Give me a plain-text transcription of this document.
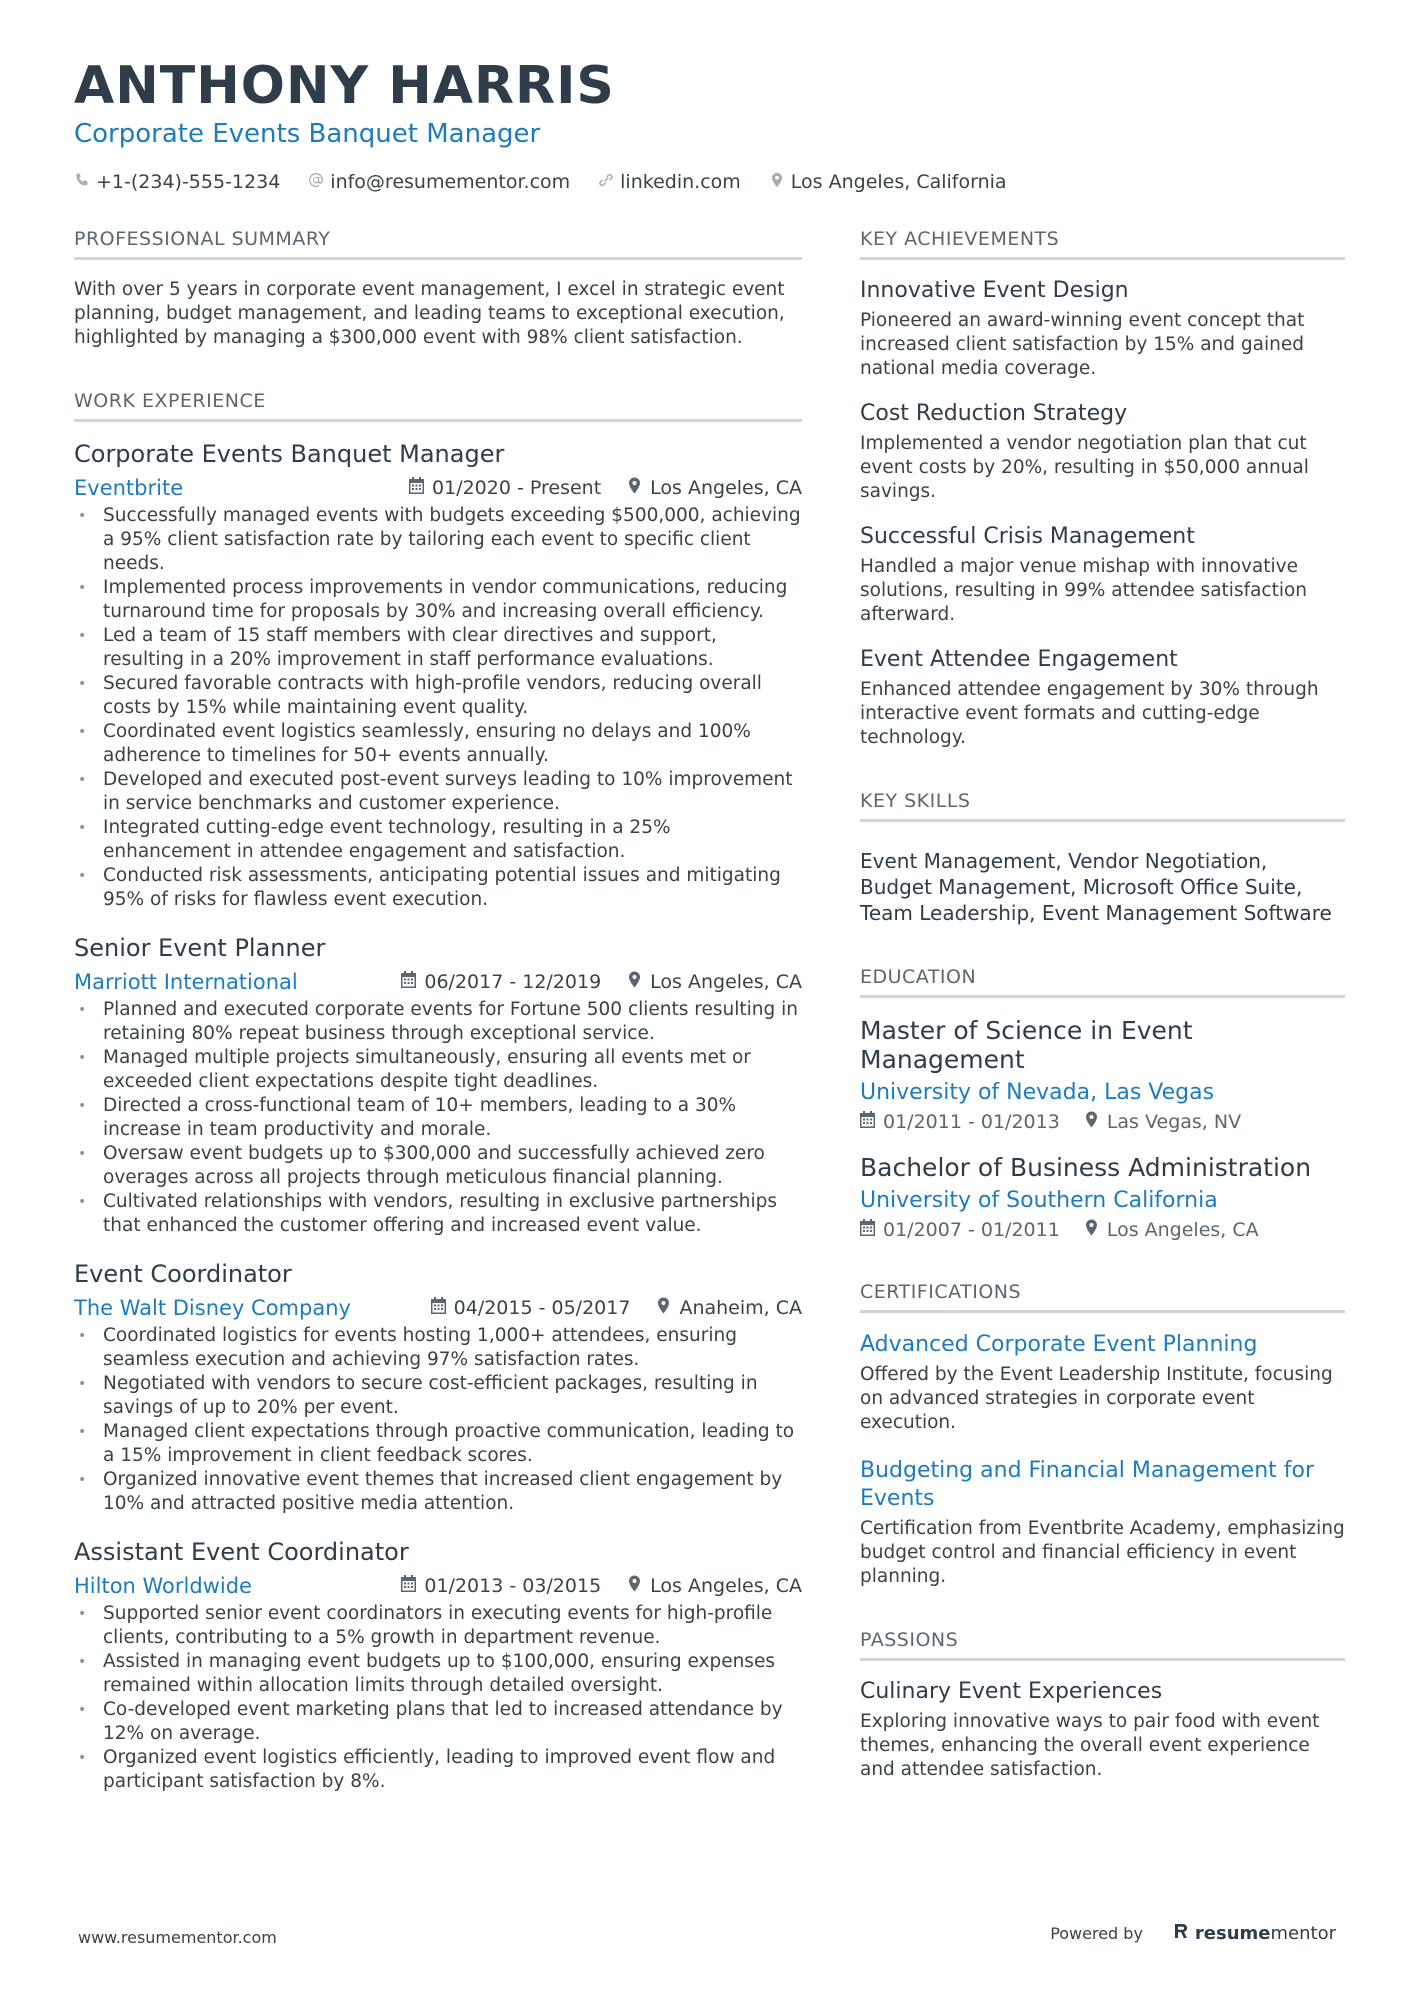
ANTHONY HARRIS
Corporate Events Banquet Manager
+1-(234)-555-1234	info@resumementor.com	linkedin.com	Los Angeles, California
PROFESSIONAL SUMMARY
With over 5 years in corporate event management, I excel in strategic event planning, budget management, and leading teams to exceptional execution, highlighted by managing a $300,000 event with 98% client satisfaction.
WORK EXPERIENCE
Corporate Events Banquet Manager
Eventbrite	01/2020 - Present	Los Angeles, CA
• Successfully managed events with budgets exceeding $500,000, achieving a 95% client satisfaction rate by tailoring each event to specific client needs.
• Implemented process improvements in vendor communications, reducing turnaround time for proposals by 30% and increasing overall efficiency.
• Led a team of 15 staff members with clear directives and support, resulting in a 20% improvement in staff performance evaluations.
• Secured favorable contracts with high-profile vendors, reducing overall costs by 15% while maintaining event quality.
• Coordinated event logistics seamlessly, ensuring no delays and 100% adherence to timelines for 50+ events annually.
• Developed and executed post-event surveys leading to 10% improvement in service benchmarks and customer experience.
• Integrated cutting-edge event technology, resulting in a 25% enhancement in attendee engagement and satisfaction.
• Conducted risk assessments, anticipating potential issues and mitigating 95% of risks for flawless event execution.
Senior Event Planner
Marriott International	06/2017 - 12/2019	Los Angeles, CA
• Planned and executed corporate events for Fortune 500 clients resulting in retaining 80% repeat business through exceptional service.
• Managed multiple projects simultaneously, ensuring all events met or exceeded client expectations despite tight deadlines.
• Directed a cross-functional team of 10+ members, leading to a 30% increase in team productivity and morale.
• Oversaw event budgets up to $300,000 and successfully achieved zero overages across all projects through meticulous financial planning.
• Cultivated relationships with vendors, resulting in exclusive partnerships that enhanced the customer offering and increased event value.
Event Coordinator
The Walt Disney Company	04/2015 - 05/2017	Anaheim, CA
• Coordinated logistics for events hosting 1,000+ attendees, ensuring seamless execution and achieving 97% satisfaction rates.
• Negotiated with vendors to secure cost-efficient packages, resulting in savings of up to 20% per event.
• Managed client expectations through proactive communication, leading to a 15% improvement in client feedback scores.
• Organized innovative event themes that increased client engagement by 10% and attracted positive media attention.
Assistant Event Coordinator
Hilton Worldwide	01/2013 - 03/2015	Los Angeles, CA
• Supported senior event coordinators in executing events for high-profile clients, contributing to a 5% growth in department revenue.
• Assisted in managing event budgets up to $100,000, ensuring expenses remained within allocation limits through detailed oversight.
• Co-developed event marketing plans that led to increased attendance by 12% on average.
• Organized event logistics efficiently, leading to improved event flow and participant satisfaction by 8%.
KEY ACHIEVEMENTS
Innovative Event Design
Pioneered an award-winning event concept that increased client satisfaction by 15% and gained national media coverage.
Cost Reduction Strategy
Implemented a vendor negotiation plan that cut event costs by 20%, resulting in $50,000 annual savings.
Successful Crisis Management
Handled a major venue mishap with innovative solutions, resulting in 99% attendee satisfaction afterward.
Event Attendee Engagement
Enhanced attendee engagement by 30% through interactive event formats and cutting-edge technology.
KEY SKILLS
Event Management, Vendor Negotiation, Budget Management, Microsoft Office Suite, Team Leadership, Event Management Software
EDUCATION
Master of Science in Event Management
University of Nevada, Las Vegas
01/2011 - 01/2013 Las Vegas, NV
Bachelor of Business Administration
University of Southern California
01/2007 - 01/2011 Los Angeles, CA
CERTIFICATIONS
Advanced Corporate Event Planning
Offered by the Event Leadership Institute, focusing on advanced strategies in corporate event execution.
Budgeting and Financial Management for Events
Certification from Eventbrite Academy, emphasizing budget control and financial efficiency in event planning.
PASSIONS
Culinary Event Experiences
Exploring innovative ways to pair food with event themes, enhancing the overall event experience and attendee satisfaction.
www.resumementor.com	Powered by	resumementor
